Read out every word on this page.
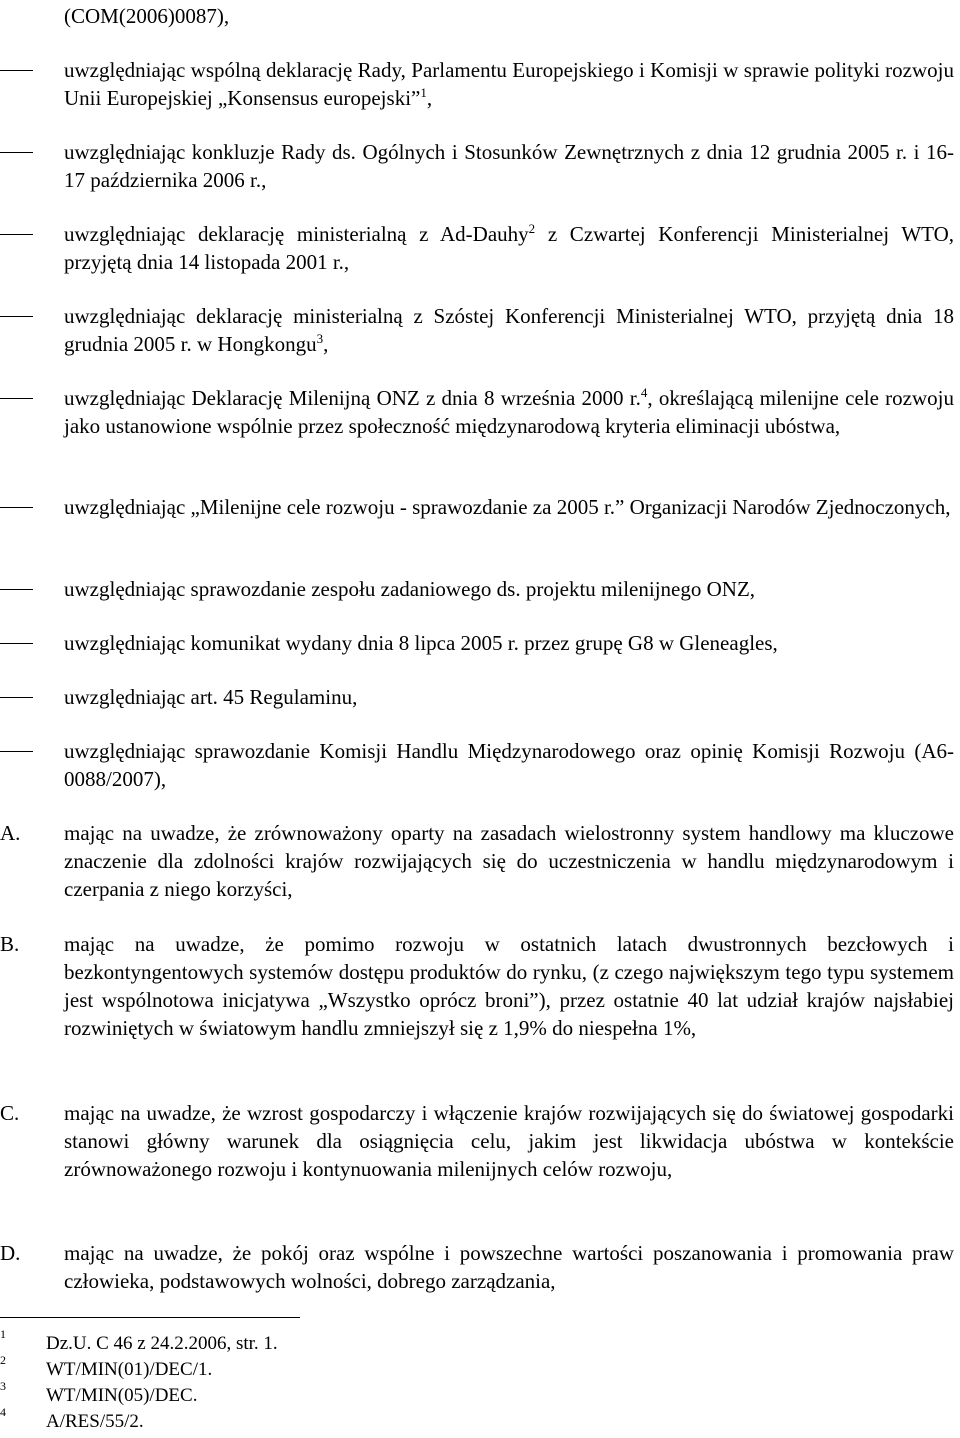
(COM(2006)0087),

uwzględniając wspólną deklarację Rady, Parlamentu Europejskiego i Komisji w sprawie polityki rozwoju Unii Europejskiej „Konsensus europejski”$^1$,

uwzględniając konkluzje Rady ds. Ogólnych i Stosunków Zewnętrznych z dnia 12 grudnia 2005 r. i 16-17 października 2006 r.,

uwzględniając deklarację ministerialną z Ad-Dauhy$^2$ z Czwartej Konferencji Ministerialnej WTO, przyjętą dnia 14 listopada 2001 r.,

uwzględniając deklarację ministerialną z Szóstej Konferencji Ministerialnej WTO, przyjętą dnia 18 grudnia 2005 r. w Hongkongu$^3$,

uwzględniając Deklarację Milenijną ONZ z dnia 8 września 2000 r.$^4$, określającą milenijne cele rozwoju jako ustanowione wspólnie przez społeczność międzynarodową kryteria eliminacji ubóstwa,

uwzględniając „Milenijne cele rozwoju - sprawozdanie za 2005 r.” Organizacji Narodów Zjednoczonych,

uwzględniając sprawozdanie zespołu zadaniowego ds. projektu milenijnego ONZ,

uwzględniając komunikat wydany dnia 8 lipca 2005 r. przez grupę G8 w Gleneagles,

uwzględniając art. 45 Regulaminu,

uwzględniając sprawozdanie Komisji Handlu Międzynarodowego oraz opinię Komisji Rozwoju (A6-0088/2007),

A.	mając na uwadze, że zrównoważony oparty na zasadach wielostronny system handlowy ma kluczowe znaczenie dla zdolności krajów rozwijających się do uczestniczenia w handlu międzynarodowym i czerpania z niego korzyści,

B.	mając na uwadze, że pomimo rozwoju w ostatnich latach dwustronnych bezcłowych i bezkontyngentowych systemów dostępu produktów do rynku, (z czego największym tego typu systemem jest wspólnotowa inicjatywa „Wszystko oprócz broni”), przez ostatnie 40 lat udział krajów najsłabiej rozwiniętych w światowym handlu zmniejszył się z 1,9% do niespełna 1%,

C.	mając na uwadze, że wzrost gospodarczy i włączenie krajów rozwijających się do światowej gospodarki stanowi główny warunek dla osiągnięcia celu, jakim jest likwidacja ubóstwa w kontekście zrównoważonego rozwoju i kontynuowania milenijnych celów rozwoju,

D.	mając na uwadze, że pokój oraz wspólne i powszechne wartości poszanowania i promowania praw człowieka, podstawowych wolności, dobrego zarządzania,

1 Dz.U. C 46 z 24.2.2006, str. 1.
2 WT/MIN(01)/DEC/1.
3 WT/MIN(05)/DEC.
4 A/RES/55/2.
